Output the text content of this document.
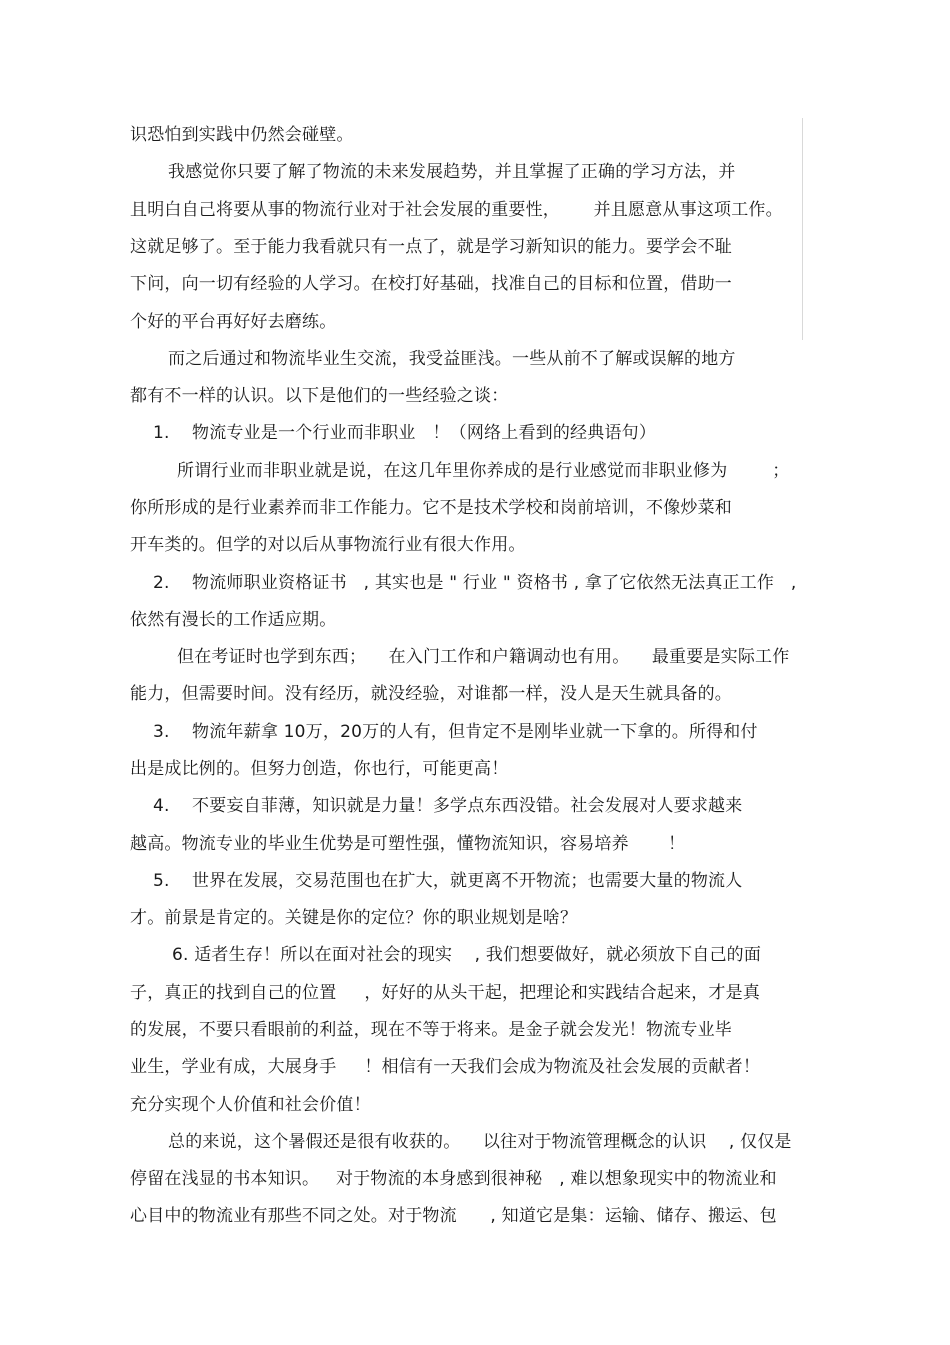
识恐怕到实践中仍然会碰壁。
我感觉你只要了解了物流的未来发展趋势，并且掌握了正确的学习方法，并
且明白自己将要从事的物流行业对于社会发展的重要性，      并且愿意从事这项工作。
这就足够了。至于能力我看就只有一点了，就是学习新知识的能力。要学会不耻
下问，向一切有经验的人学习。在校打好基础，找准自己的目标和位置，借助一
个好的平台再好好去磨练。
而之后通过和物流毕业生交流，我受益匪浅。一些从前不了解或误解的地方
都有不一样的认识。以下是他们的一些经验之谈：
1.    物流专业是一个行业而非职业   ！（网络上看到的经典语句）
所谓行业而非职业就是说，在这几年里你养成的是行业感觉而非职业修为        ；
你所形成的是行业素养而非工作能力。它不是技术学校和岗前培训，不像炒菜和
开车类的。但学的对以后从事物流行业有很大作用。
2.    物流师职业资格证书   , 其实也是 " 行业 " 资格书 , 拿了它依然无法真正工作   ,
依然有漫长的工作适应期。
但在考证时也学到东西；    在入门工作和户籍调动也有用。    最重要是实际工作
能力，但需要时间。没有经历，就没经验，对谁都一样，没人是天生就具备的。
3.    物流年薪拿 10万，20万的人有，但肯定不是刚毕业就一下拿的。所得和付
出是成比例的。但努力创造，你也行，可能更高！
4.    不要妄自菲薄，知识就是力量！多学点东西没错。社会发展对人要求越来
越高。物流专业的毕业生优势是可塑性强，懂物流知识，容易培养       ！
5.    世界在发展，交易范围也在扩大，就更离不开物流；也需要大量的物流人
才。前景是肯定的。关键是你的定位？你的职业规划是啥？
6. 适者生存！所以在面对社会的现实    , 我们想要做好，就必须放下自己的面
子，真正的找到自己的位置     ，好好的从头干起，把理论和实践结合起来，才是真
的发展，不要只看眼前的利益，现在不等于将来。是金子就会发光！物流专业毕
业生，学业有成，大展身手     ！相信有一天我们会成为物流及社会发展的贡献者！
充分实现个人价值和社会价值！
总的来说，这个暑假还是很有收获的。    以往对于物流管理概念的认识    , 仅仅是
停留在浅显的书本知识。   对于物流的本身感到很神秘   , 难以想象现实中的物流业和
心目中的物流业有那些不同之处。对于物流      , 知道它是集：运输、储存、搬运、包
